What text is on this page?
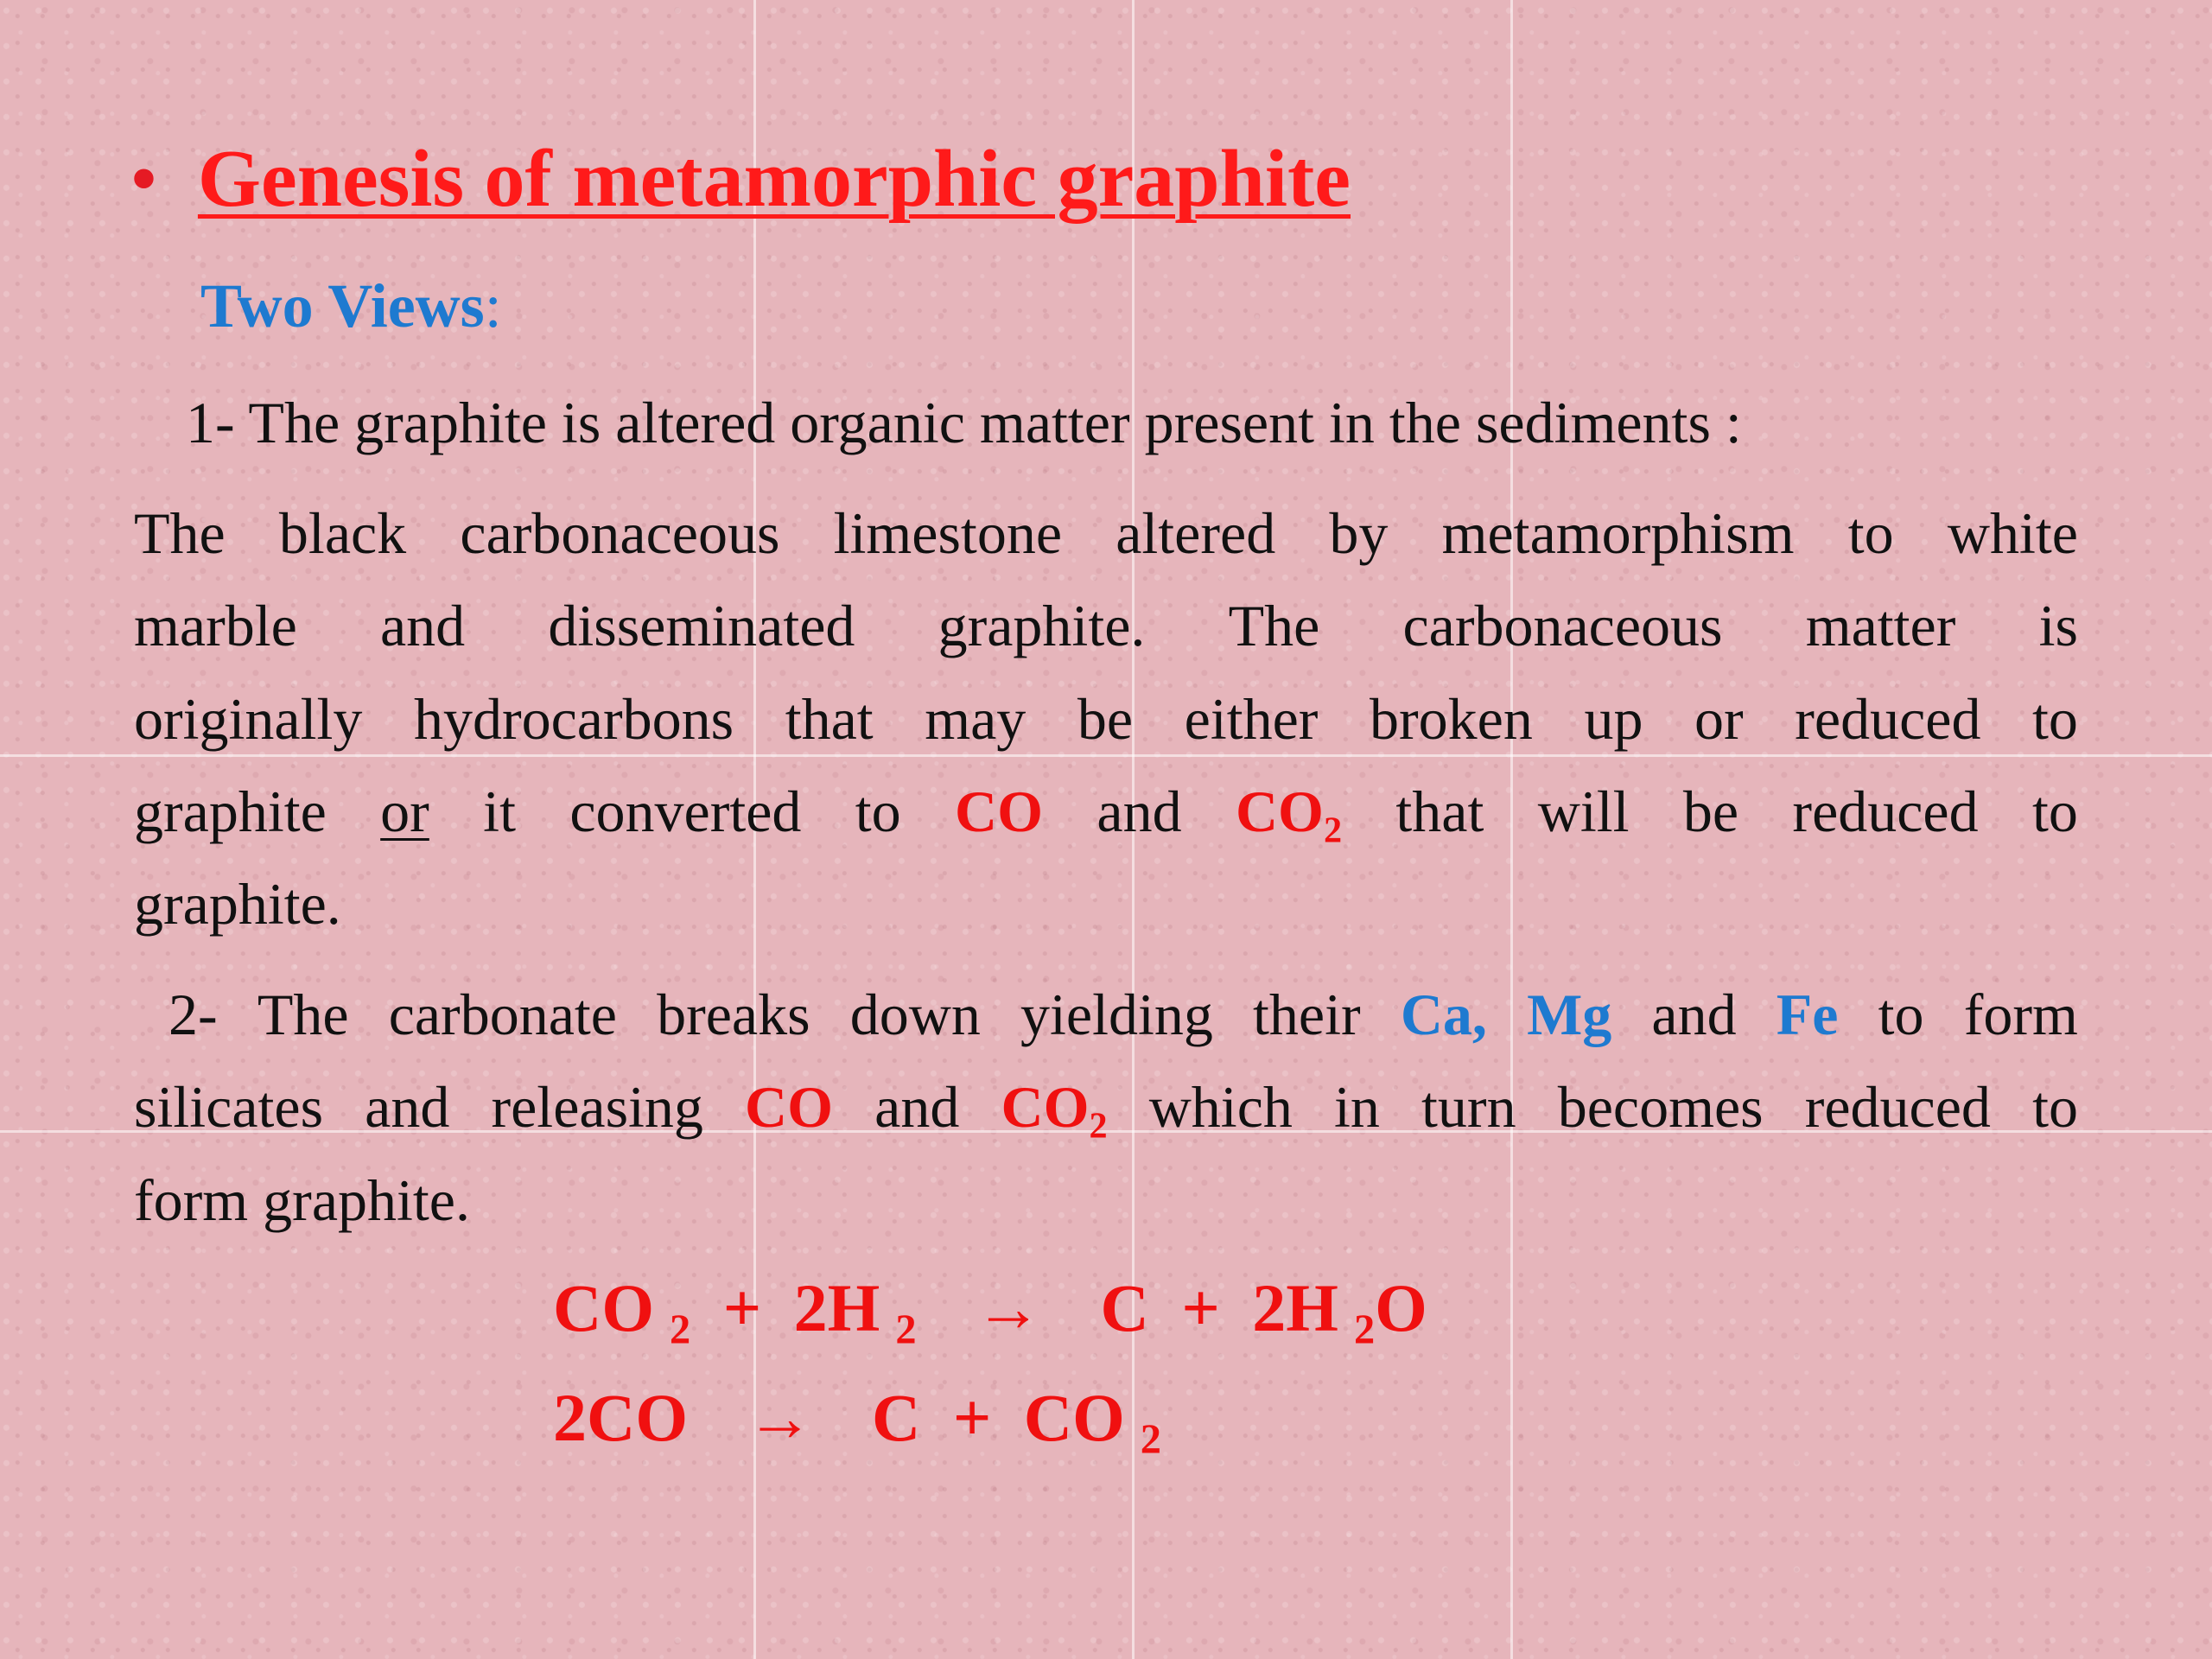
• Genesis of metamorphic graphite
Two Views:
1- The graphite is altered organic matter present in the sediments :
The black carbonaceous limestone altered by metamorphism to white
marble and disseminated graphite. The carbonaceous matter is
originally hydrocarbons that may be either broken up or reduced to
graphite or it converted to CO and $CO_2$ that will be reduced to
graphite.
2- The carbonate breaks down yielding their Ca, Mg and Fe to form
silicates and releasing CO and $CO_2$ which in turn becomes reduced to
form graphite.
CO $_2$ + 2H $_2$ → C + 2H $_2$O
2CO → C + CO $_2$
